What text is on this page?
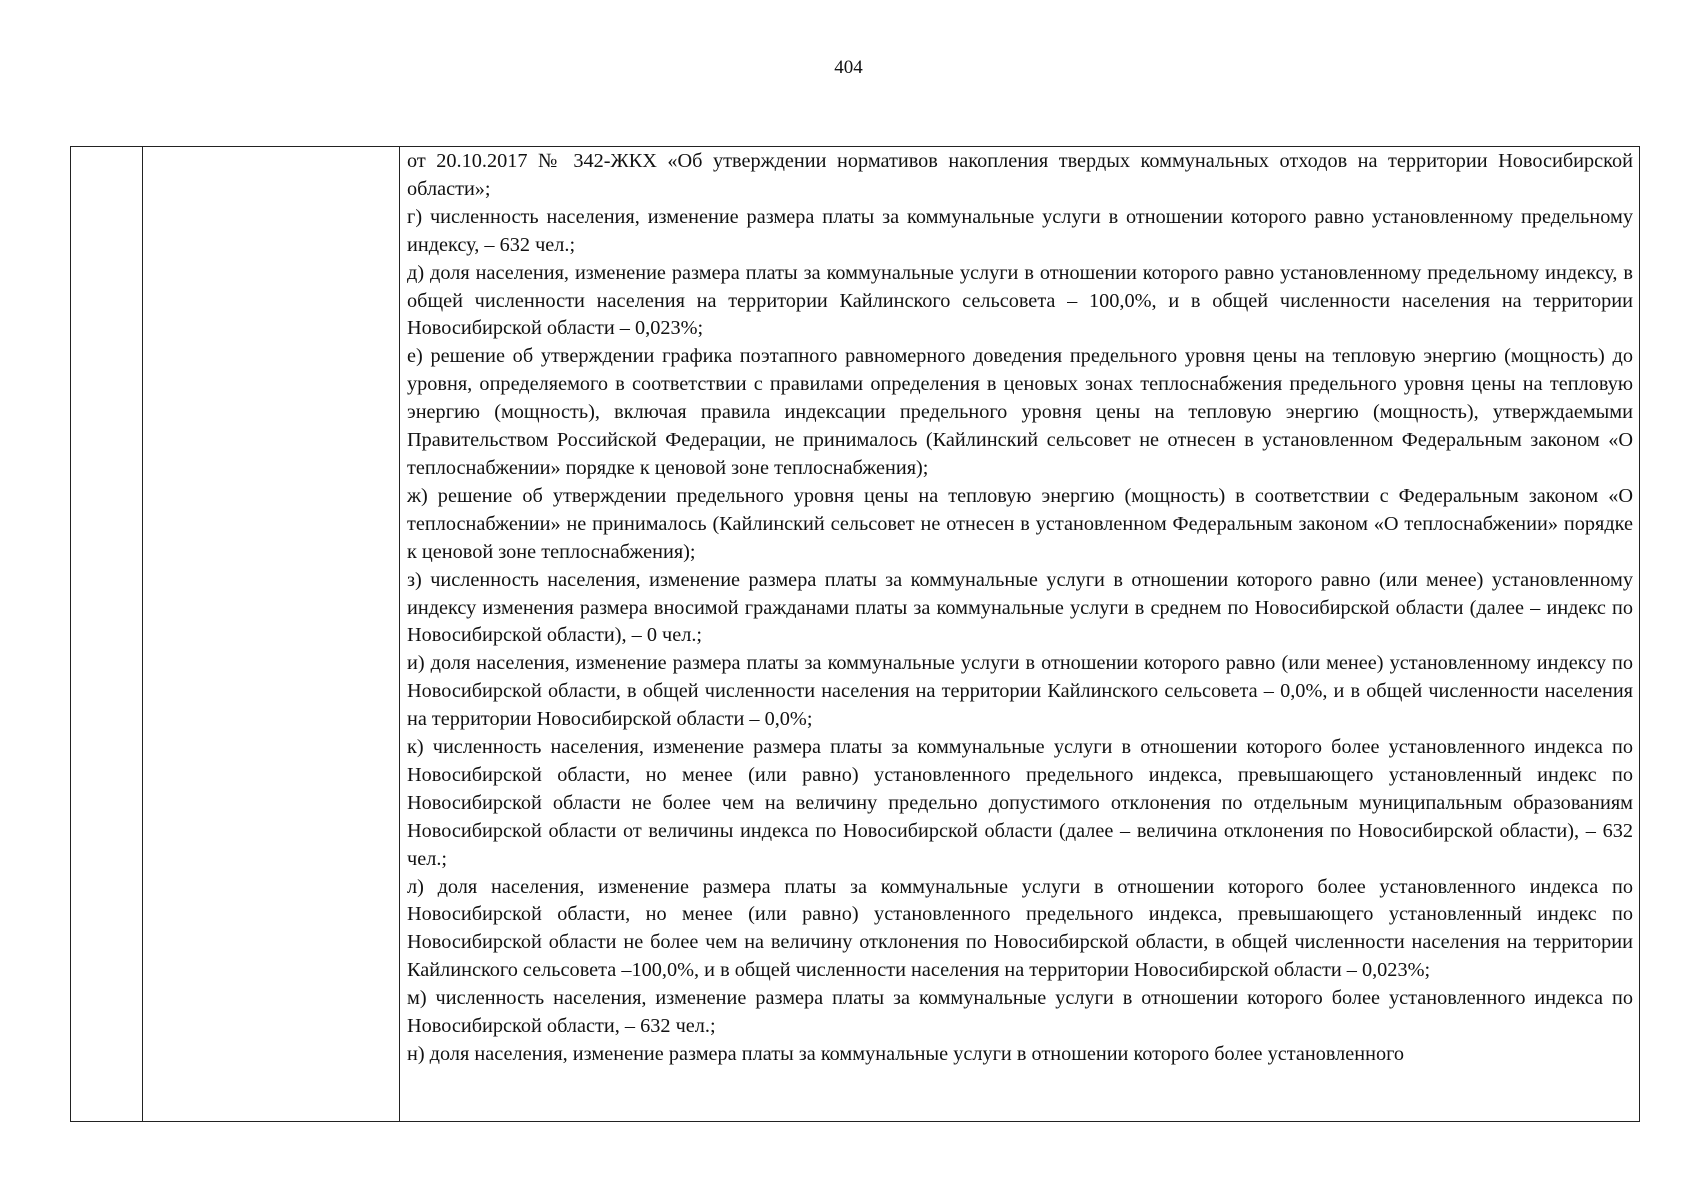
404

от 20.10.2017 № 342-ЖКХ «Об утверждении нормативов накопления твердых коммунальных отходов на территории Новосибирской области»;

г) численность населения, изменение размера платы за коммунальные услуги в отношении которого равно установленному предельному индексу, – 632 чел.;

д) доля населения, изменение размера платы за коммунальные услуги в отношении которого равно установленному предельному индексу, в общей численности населения на территории Кайлинского сельсовета – 100,0%, и в общей численности населения на территории Новосибирской области – 0,023%;

е) решение об утверждении графика поэтапного равномерного доведения предельного уровня цены на тепловую энергию (мощность) до уровня, определяемого в соответствии с правилами определения в ценовых зонах теплоснабжения предельного уровня цены на тепловую энергию (мощность), включая правила индексации предельного уровня цены на тепловую энергию (мощность), утверждаемыми Правительством Российской Федерации, не принималось (Кайлинский сельсовет не отнесен в установленном Федеральным законом «О теплоснабжении» порядке к ценовой зоне теплоснабжения);

ж) решение об утверждении предельного уровня цены на тепловую энергию (мощность) в соответствии с Федеральным законом «О теплоснабжении» не принималось (Кайлинский сельсовет не отнесен в установленном Федеральным законом «О теплоснабжении» порядке к ценовой зоне теплоснабжения);

з) численность населения, изменение размера платы за коммунальные услуги в отношении которого равно (или менее) установленному индексу изменения размера вносимой гражданами платы за коммунальные услуги в среднем по Новосибирской области (далее – индекс по Новосибирской области), – 0 чел.;

и) доля населения, изменение размера платы за коммунальные услуги в отношении которого равно (или менее) установленному индексу по Новосибирской области, в общей численности населения на территории Кайлинского сельсовета – 0,0%, и в общей численности населения на территории Новосибирской области – 0,0%;

к) численность населения, изменение размера платы за коммунальные услуги в отношении которого более установленного индекса по Новосибирской области, но менее (или равно) установленного предельного индекса, превышающего установленный индекс по Новосибирской области не более чем на величину предельно допустимого отклонения по отдельным муниципальным образованиям Новосибирской области от величины индекса по Новосибирской области (далее – величина отклонения по Новосибирской области), – 632 чел.;

л) доля населения, изменение размера платы за коммунальные услуги в отношении которого более установленного индекса по Новосибирской области, но менее (или равно) установленного предельного индекса, превышающего установленный индекс по Новосибирской области не более чем на величину отклонения по Новосибирской области, в общей численности населения на территории Кайлинского сельсовета –100,0%, и в общей численности населения на территории Новосибирской области – 0,023%;

м) численность населения, изменение размера платы за коммунальные услуги в отношении которого более установленного индекса по Новосибирской области, – 632 чел.;

н) доля населения, изменение размера платы за коммунальные услуги в отношении которого более установленного
